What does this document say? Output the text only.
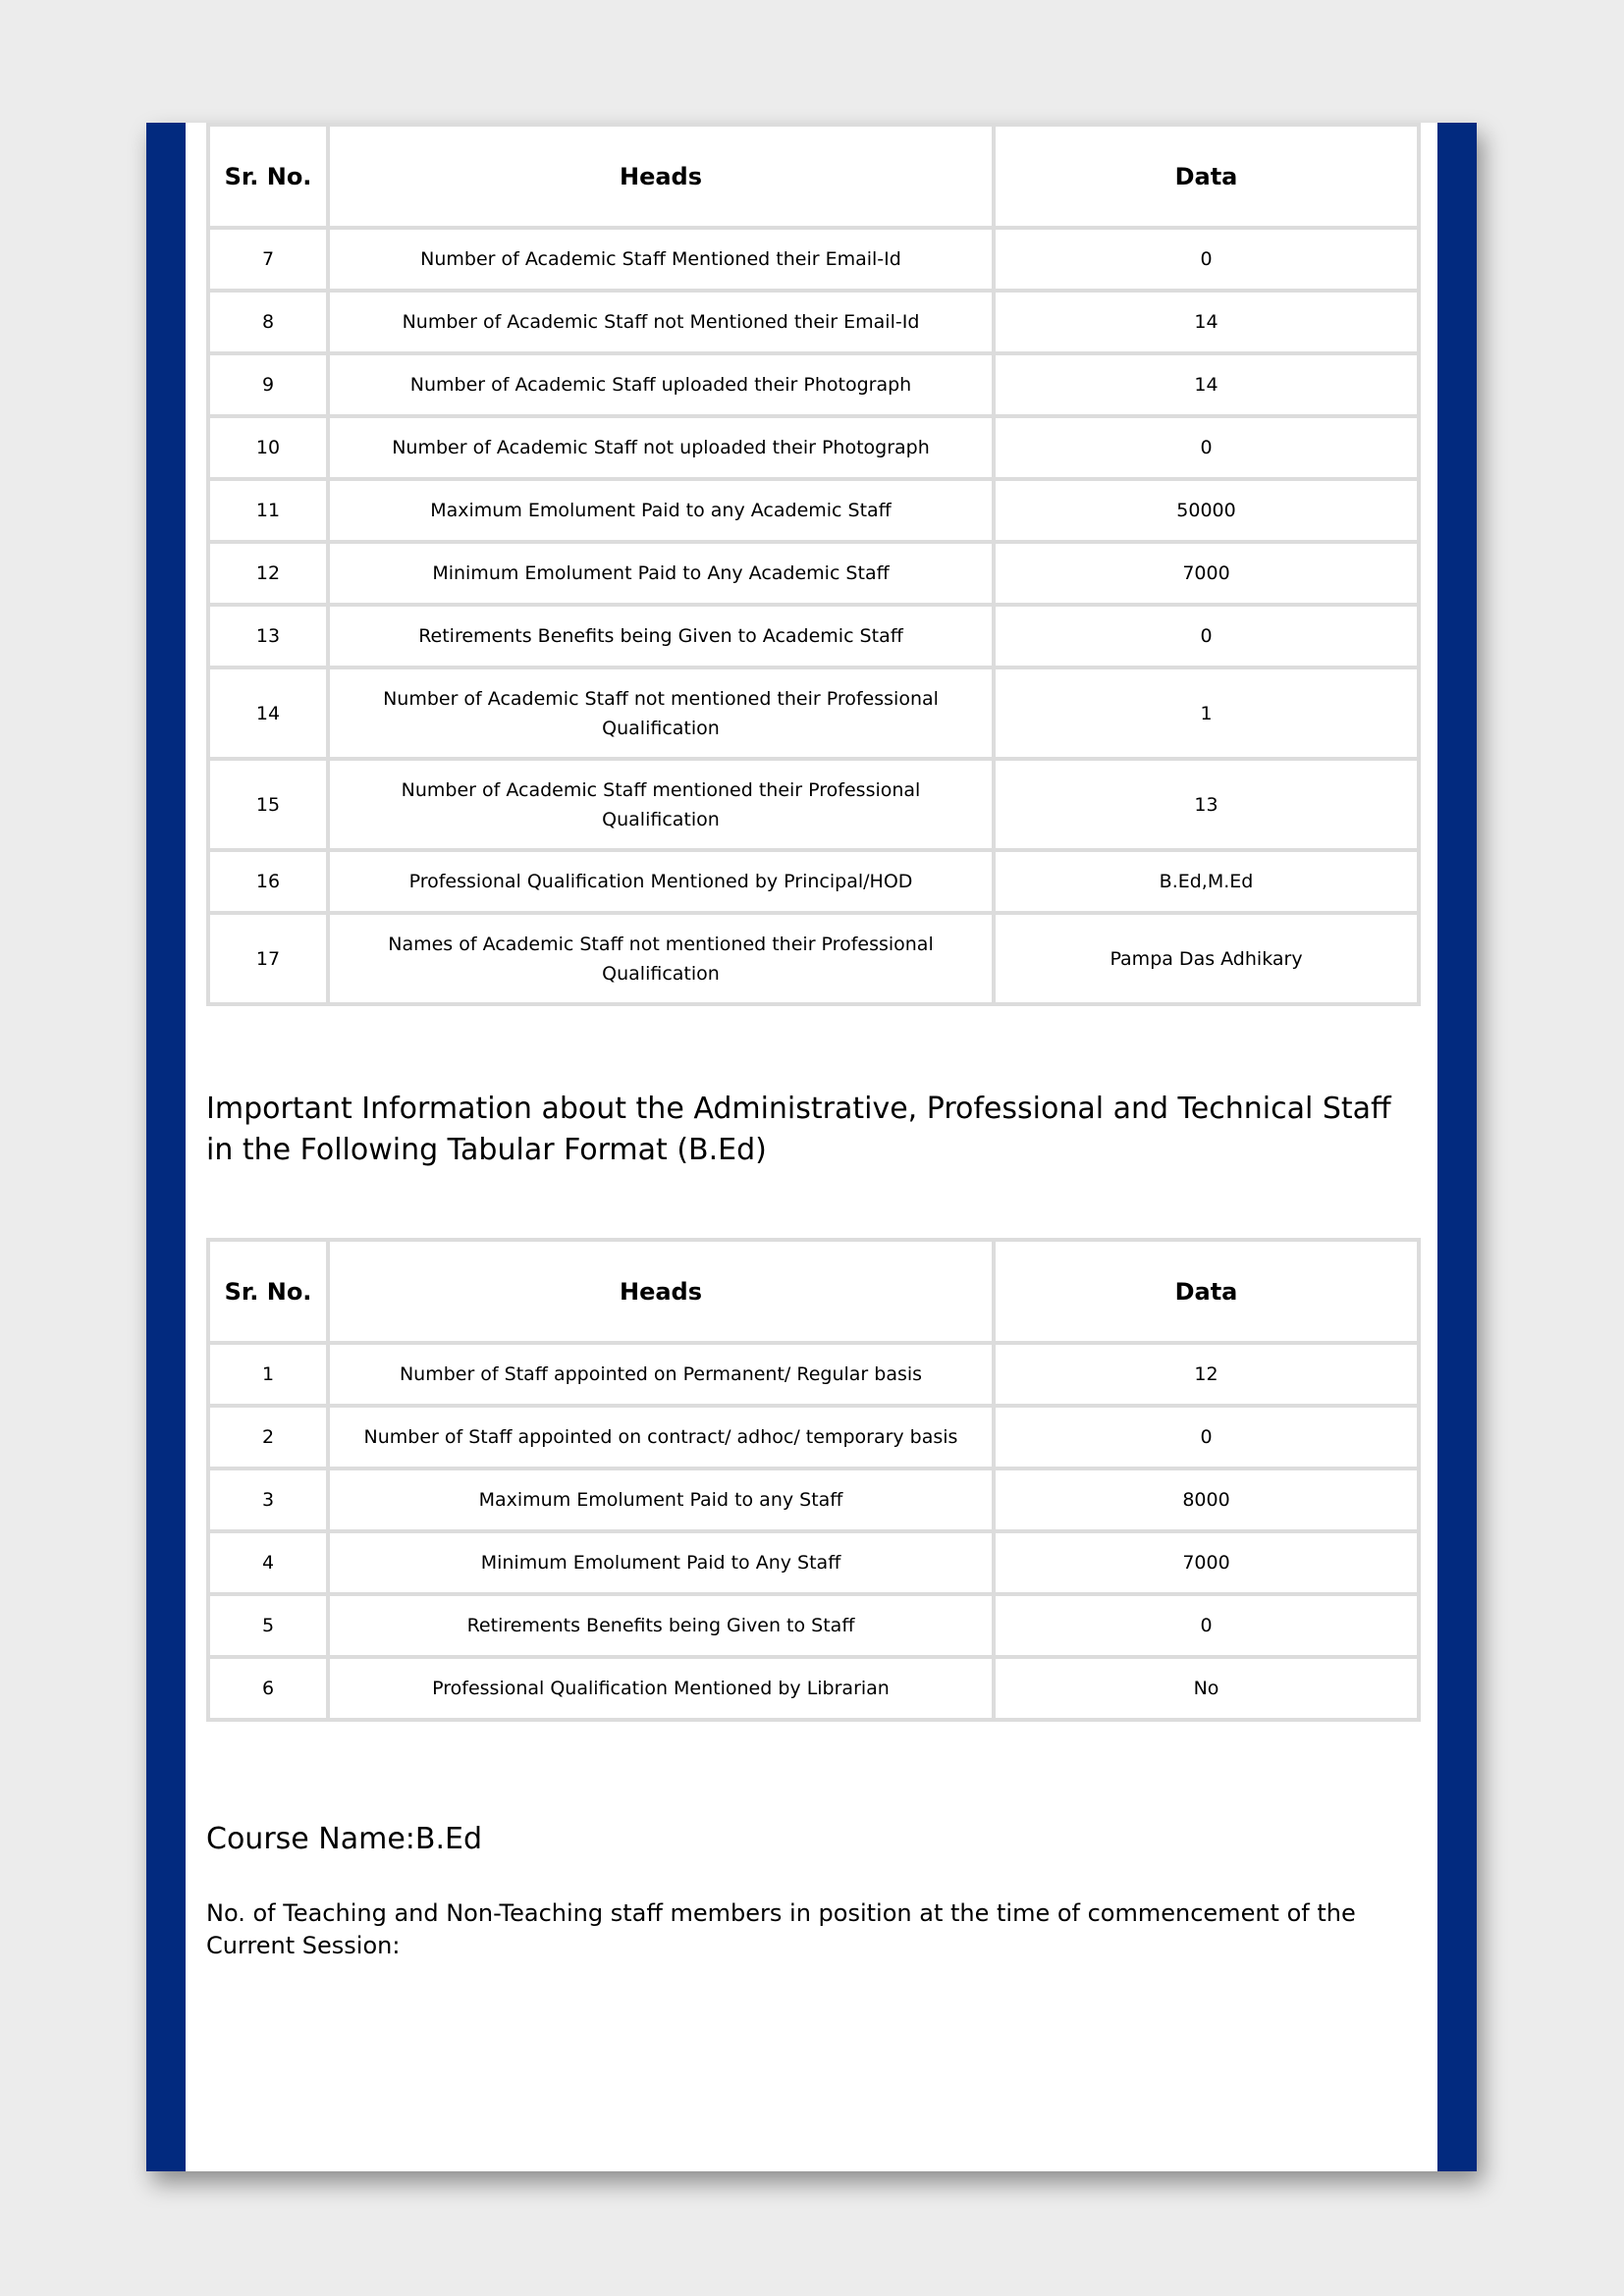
Sr. No.	Heads	Data
7	Number of Academic Staff Mentioned their Email-Id	0
8	Number of Academic Staff not Mentioned their Email-Id	14
9	Number of Academic Staff uploaded their Photograph	14
10	Number of Academic Staff not uploaded their Photograph	0
11	Maximum Emolument Paid to any Academic Staff	50000
12	Minimum Emolument Paid to Any Academic Staff	7000
13	Retirements Benefits being Given to Academic Staff	0
14	Number of Academic Staff not mentioned their Professional Qualification	1
15	Number of Academic Staff mentioned their Professional Qualification	13
16	Professional Qualification Mentioned by Principal/HOD	B.Ed,M.Ed
17	Names of Academic Staff not mentioned their Professional Qualification	Pampa Das Adhikary
Important Information about the Administrative, Professional and Technical Staff in the Following Tabular Format (B.Ed)
Sr. No.	Heads	Data
1	Number of Staff appointed on Permanent/ Regular basis	12
2	Number of Staff appointed on contract/ adhoc/ temporary basis	0
3	Maximum Emolument Paid to any Staff	8000
4	Minimum Emolument Paid to Any Staff	7000
5	Retirements Benefits being Given to Staff	0
6	Professional Qualification Mentioned by Librarian	No
Course Name:B.Ed

No. of Teaching and Non-Teaching staff members in position at the time of commencement of the Current Session:
